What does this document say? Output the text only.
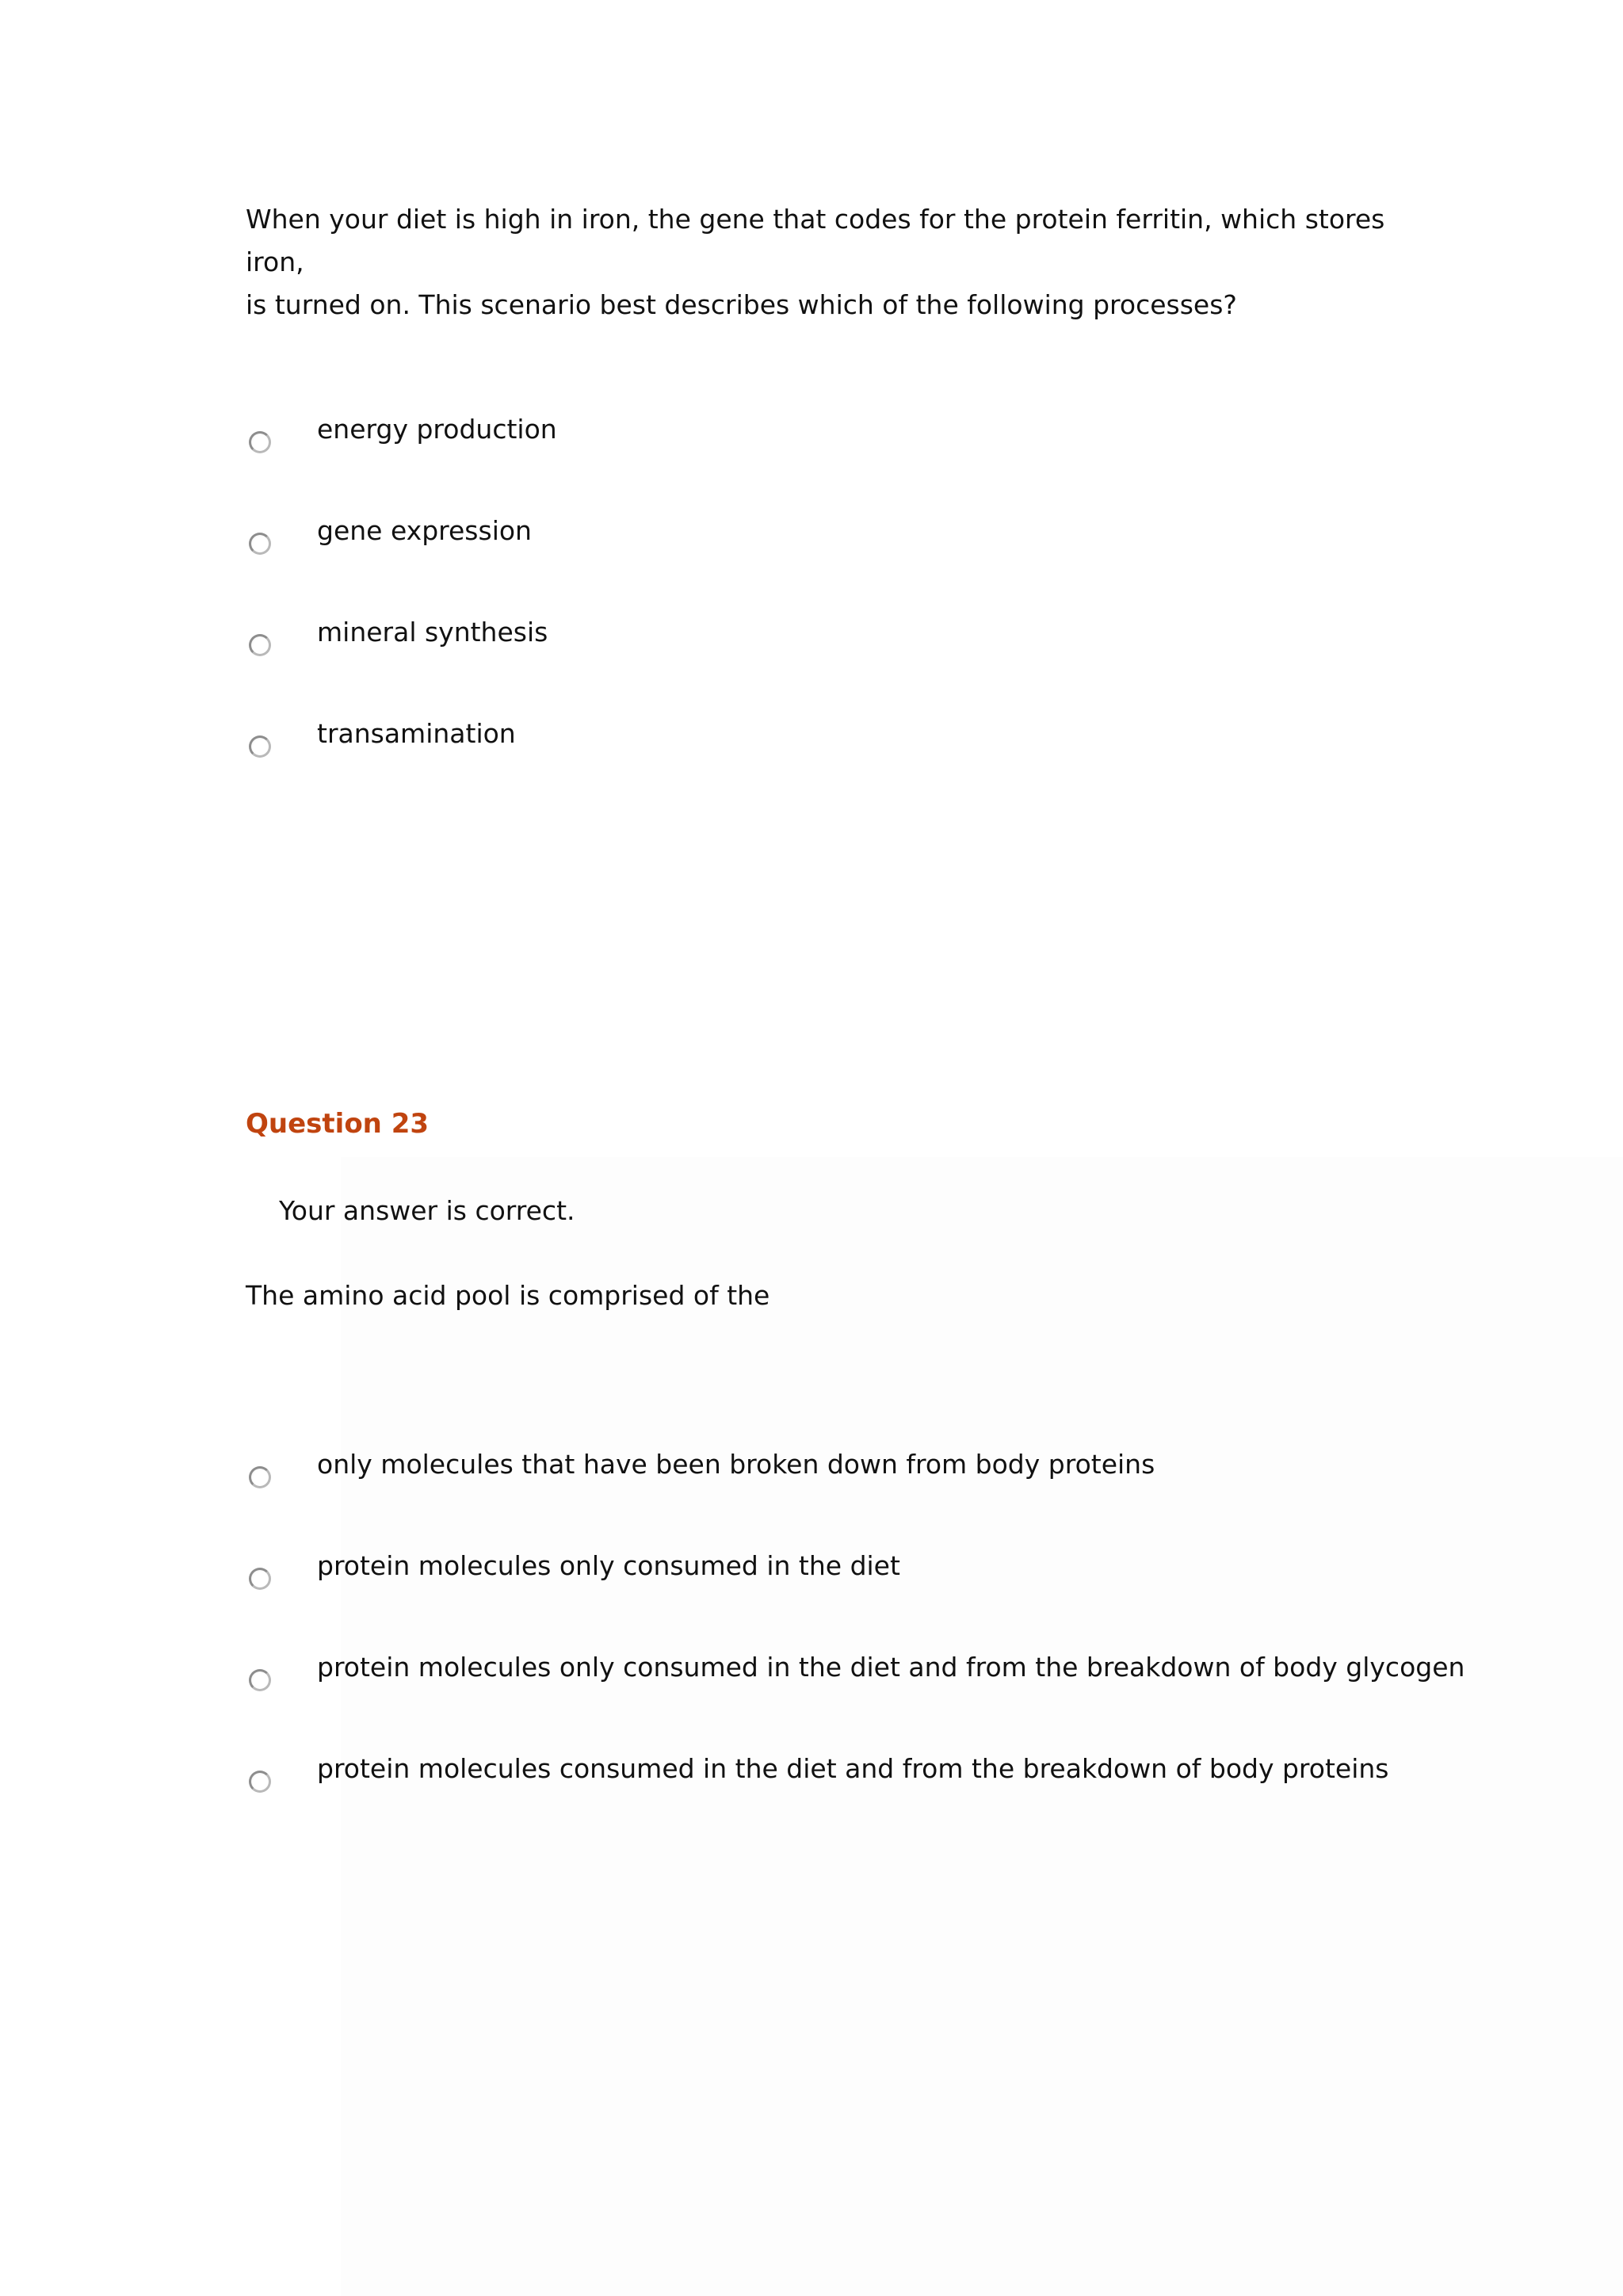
When your diet is high in iron, the gene that codes for the protein ferritin, which stores iron,
is turned on. This scenario best describes which of the following processes?

energy production
gene expression
mineral synthesis
transamination
Question 23
Your answer is correct.

The amino acid pool is comprised of the

only molecules that have been broken down from body proteins
protein molecules only consumed in the diet
protein molecules only consumed in the diet and from the breakdown of body glycogen
protein molecules consumed in the diet and from the breakdown of body proteins
